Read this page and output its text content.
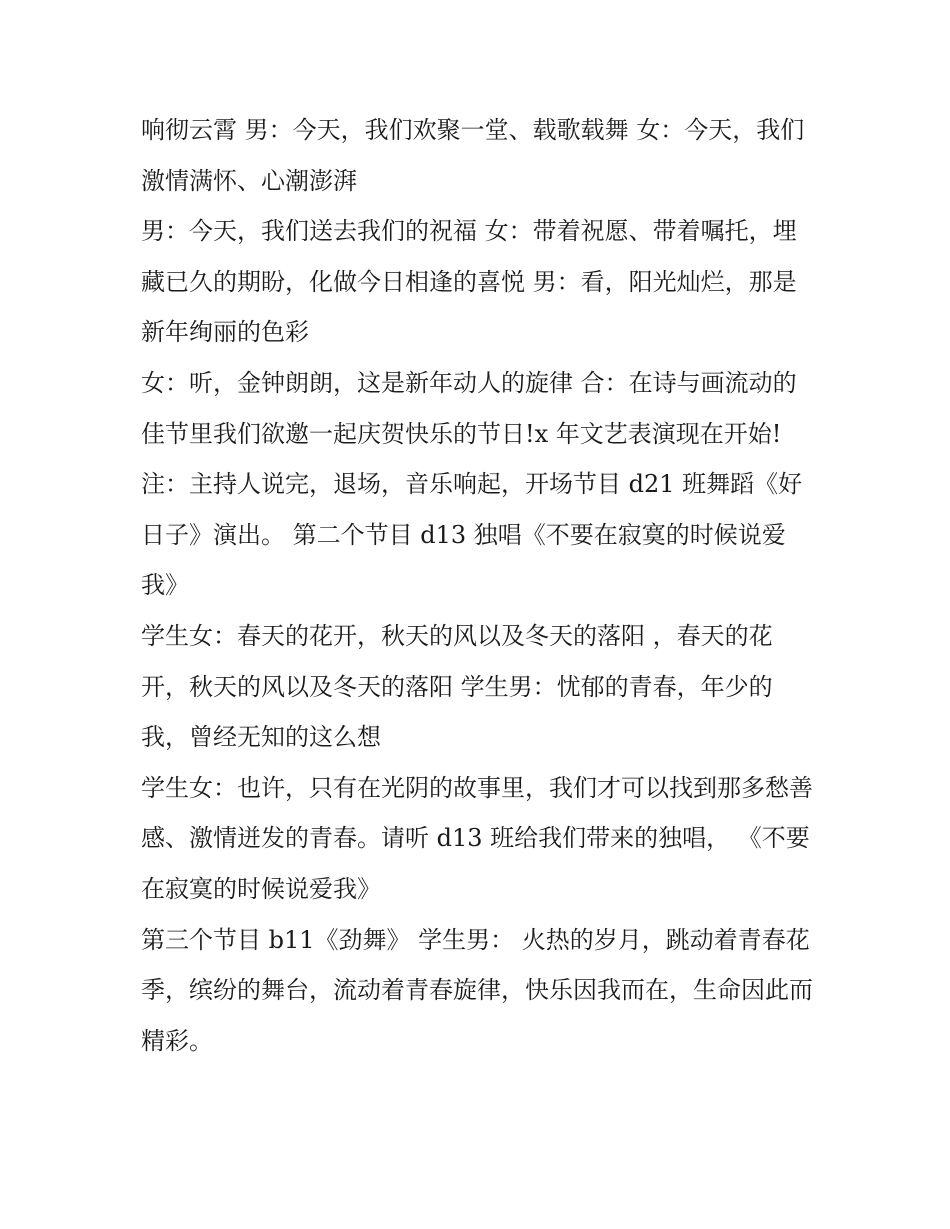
响彻云霄 男：今天，我们欢聚一堂、载歌载舞 女：今天，我们激情满怀、心潮澎湃

男：今天，我们送去我们的祝福 女：带着祝愿、带着嘱托，埋藏已久的期盼，化做今日相逢的喜悦 男：看，阳光灿烂，那是新年绚丽的色彩

女：听，金钟朗朗，这是新年动人的旋律 合：在诗与画流动的佳节里我们欲邀一起庆贺快乐的节日!x 年文艺表演现在开始!

注：主持人说完，退场，音乐响起，开场节目 d21 班舞蹈《好日子》演出。 第二个节目 d13 独唱《不要在寂寞的时候说爱我》

学生女：春天的花开，秋天的风以及冬天的落阳 ，春天的花开，秋天的风以及冬天的落阳 学生男：忧郁的青春，年少的我，曾经无知的这么想

学生女：也许，只有在光阴的故事里，我们才可以找到那多愁善感、激情迸发的青春。请听 d13 班给我们带来的独唱， 《不要在寂寞的时候说爱我》

第三个节目 b11《劲舞》 学生男： 火热的岁月，跳动着青春花季，缤纷的舞台，流动着青春旋律，快乐因我而在，生命因此而精彩。
